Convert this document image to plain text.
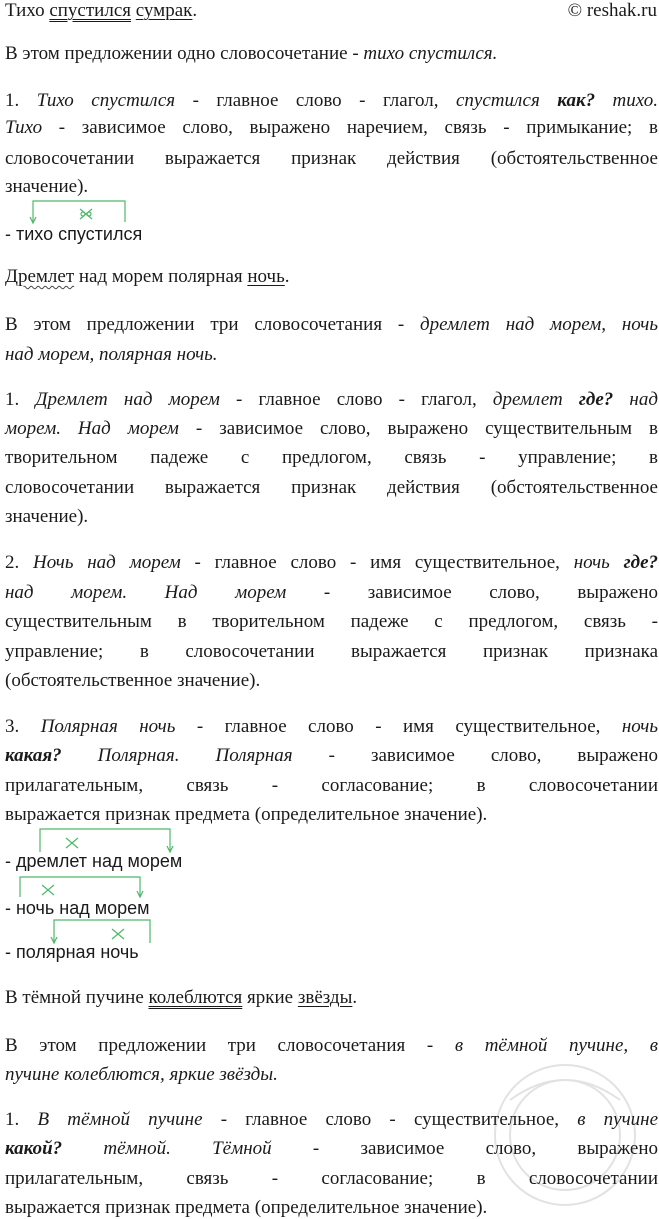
© reshak.ru
Тихо спустился сумрак.
В этом предложении одно словосочетание - тихо спустился.
1. Тихо спустился - главное слово - глагол, спустился как? тихо.
Тихо - зависимое слово, выражено наречием, связь - примыкание; в
словосочетании выражается признак действия (обстоятельственное
значение).
- тихо спустился
Дремлет над морем полярная ночь.
В этом предложении три словосочетания - дремлет над морем, ночь
над морем, полярная ночь.
1. Дремлет над морем - главное слово - глагол, дремлет где? над
морем. Над морем - зависимое слово, выражено существительным в
творительном падеже с предлогом, связь - управление; в
словосочетании выражается признак действия (обстоятельственное
значение).
2. Ночь над морем - главное слово - имя существительное, ночь где?
над морем. Над морем - зависимое слово, выражено
существительным в творительном падеже с предлогом, связь -
управление; в словосочетании выражается признак признака
(обстоятельственное значение).
3. Полярная ночь - главное слово - имя существительное, ночь
какая? Полярная. Полярная - зависимое слово, выражено
прилагательным, связь - согласование; в словосочетании
выражается признак предмета (определительное значение).
- дремлет над морем
- ночь над морем
- полярная ночь
В тёмной пучине колеблются яркие звёзды.
В этом предложении три словосочетания - в тёмной пучине, в
пучине колеблются, яркие звёзды.
1. В тёмной пучине - главное слово - существительное, в пучине
какой? тёмной. Тёмной - зависимое слово, выражено
прилагательным, связь - согласование; в словосочетании
выражается признак предмета (определительное значение).
